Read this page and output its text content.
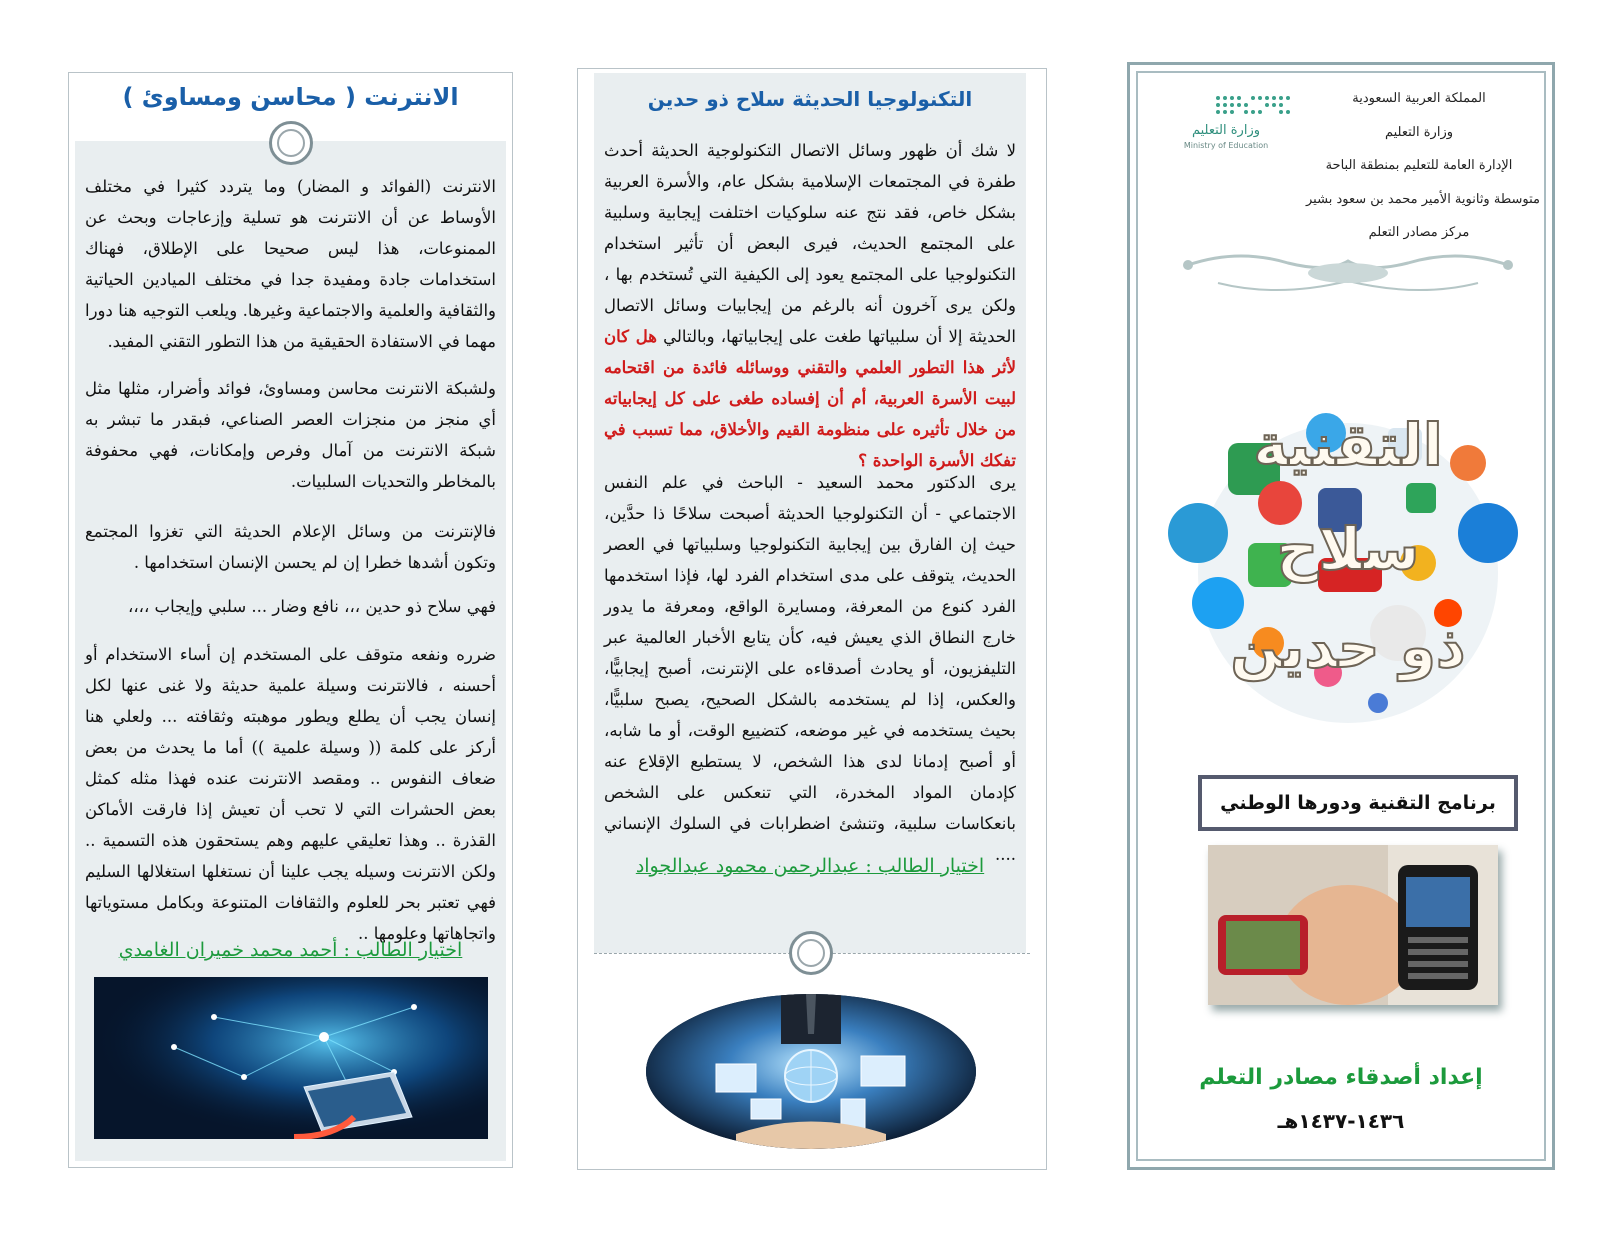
الانترنت ( محاسن ومساوئ )
الانترنت (الفوائد و المضار) وما يتردد كثيرا في مختلف الأوساط عن أن الانترنت هو تسلية وإزعاجات وبحث عن الممنوعات، هذا ليس صحيحا على الإطلاق، فهناك استخدامات جادة ومفيدة جدا في مختلف الميادين الحياتية والثقافية والعلمية والاجتماعية وغيرها. ويلعب التوجيه هنا دورا مهما في الاستفادة الحقيقية من هذا التطور التقني المفيد.
ولشبكة الانترنت محاسن ومساوئ، فوائد وأضرار، مثلها مثل أي منجز من منجزات العصر الصناعي، فبقدر ما تبشر به شبكة الانترنت من آمال وفرص وإمكانات، فهي محفوفة بالمخاطر والتحديات السلبيات.
فالإنترنت من وسائل الإعلام الحديثة التي تغزوا المجتمع وتكون أشدها خطرا إن لم يحسن الإنسان استخدامها .
فهي سلاح ذو حدين ،،، نافع وضار ... سلبي وإيجاب ،،،،
ضرره ونفعه متوقف على المستخدم إن أساء الاستخدام أو أحسنه ، فالانترنت وسيلة علمية حديثة ولا غنى عنها لكل إنسان يجب أن يطلع ويطور موهبته وثقافته ... ولعلي هنا أركز على كلمة (( وسيلة علمية )) أما ما يحدث من بعض ضعاف النفوس .. ومقصد الانترنت عنده فهذا مثله كمثل بعض الحشرات التي لا تحب أن تعيش إذا فارقت الأماكن القذرة .. وهذا تعليقي عليهم وهم يستحقون هذه التسمية .. ولكن الانترنت وسيله يجب علينا أن نستغلها استغلالها السليم فهي تعتبر بحر للعلوم والثقافات المتنوعة وبكامل مستوياتها واتجاهاتها وعلومها ..
اختيار الطالب : أحمد محمد خميران الغامدي
التكنولوجيا الحديثة سلاح ذو حدين
لا شك أن ظهور وسائل الاتصال التكنولوجية الحديثة أحدث طفرة في المجتمعات الإسلامية بشكل عام، والأسرة العربية بشكل خاص، فقد نتج عنه سلوكيات اختلفت إيجابية وسلبية على المجتمع الحديث، فيرى البعض أن تأثير استخدام التكنولوجيا على المجتمع يعود إلى الكيفية التي تُستخدم بها ، ولكن يرى آخرون أنه بالرغم من إيجابيات وسائل الاتصال الحديثة إلا أن سلبياتها طغت على إيجابياتها، وبالتالي هل كان لأثر هذا التطور العلمي والتقني ووسائله فائدة من اقتحامه لبيت الأسرة العربية، أم أن إفساده طغى على كل إيجابياته من خلال تأثيره على منظومة القيم والأخلاق، مما تسبب في تفكك الأسرة الواحدة ؟
يرى الدكتور محمد السعيد - الباحث في علم النفس الاجتماعي - أن التكنولوجيا الحديثة أصبحت سلاحًا ذا حدَّين، حيث إن الفارق بين إيجابية التكنولوجيا وسلبياتها في العصر الحديث، يتوقف على مدى استخدام الفرد لها، فإذا استخدمها الفرد كنوع من المعرفة، ومسايرة الواقع، ومعرفة ما يدور خارج النطاق الذي يعيش فيه، كأن يتابع الأخبار العالمية عبر التليفزيون، أو يحادث أصدقاءه على الإنترنت، أصبح إيجابيًّا، والعكس، إذا لم يستخدمه بالشكل الصحيح، يصبح سلبيًّا، بحيث يستخدمه في غير موضعه، كتضييع الوقت، أو ما شابه، أو أصبح إدمانا لدى هذا الشخص، لا يستطيع الإقلاع عنه كإدمان المواد المخدرة، التي تنعكس على الشخص بانعكاسات سلبية، وتنشئ اضطرابات في السلوك الإنساني ....
اختيار الطالب : عبدالرحمن محمود عبدالجواد
المملكة العربية السعودية
وزارة التعليم
الإدارة العامة للتعليم بمنطقة الباحة
متوسطة وثانوية الأمير محمد بن سعود بشير
مركز مصادر التعلم
وزارة التعليم
Ministry of Education
التقنية
سلاح
ذو حدين
برنامج التقنية ودورها الوطني
إعداد أصدقاء مصادر التعلم
١٤٣٦-١٤٣٧هـ
